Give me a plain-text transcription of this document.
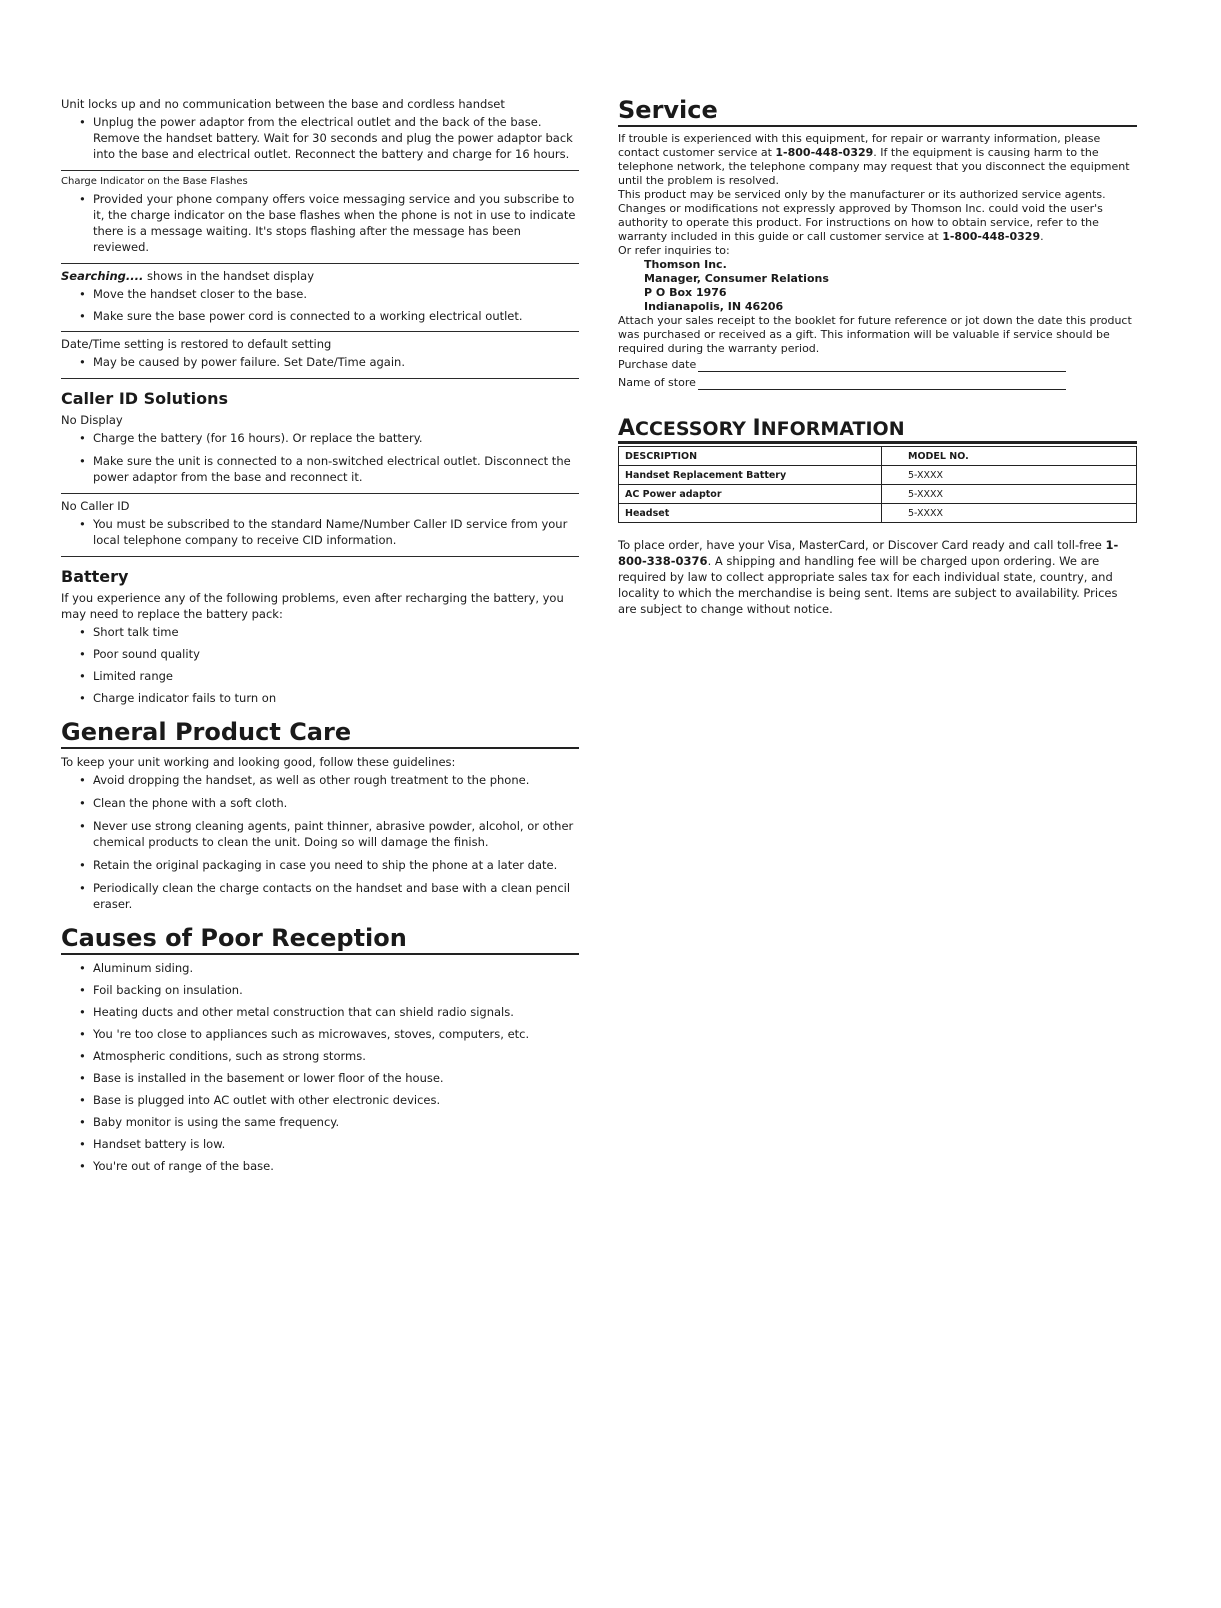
Unit locks up and no communication between the base and cordless handset

• Unplug the power adaptor from the electrical outlet and the back of the base. Remove the handset battery. Wait for 30 seconds and plug the power adaptor back into the base and electrical outlet. Reconnect the battery and charge for 16 hours.

Charge Indicator on the Base Flashes

• Provided your phone company offers voice messaging service and you subscribe to it, the charge indicator on the base flashes when the phone is not in use to indicate there is a message waiting. It's stops flashing after the message has been reviewed.

Searching.... shows in the handset display

• Move the handset closer to the base.
• Make sure the base power cord is connected to a working electrical outlet.

Date/Time setting is restored to default setting

• May be caused by power failure. Set Date/Time again.
Caller ID Solutions

No Display

• Charge the battery (for 16 hours). Or replace the battery.
• Make sure the unit is connected to a non-switched electrical outlet. Disconnect the power adaptor from the base and reconnect it.

No Caller ID

• You must be subscribed to the standard Name/Number Caller ID service from your local telephone company to receive CID information.
Battery

If you experience any of the following problems, even after recharging the battery, you may need to replace the battery pack:

• Short talk time
• Poor sound quality
• Limited range
• Charge indicator fails to turn on
General Product Care

To keep your unit working and looking good, follow these guidelines:

• Avoid dropping the handset, as well as other rough treatment to the phone.
• Clean the phone with a soft cloth.
• Never use strong cleaning agents, paint thinner, abrasive powder, alcohol, or other chemical products to clean the unit. Doing so will damage the finish.
• Retain the original packaging in case you need to ship the phone at a later date.
• Periodically clean the charge contacts on the handset and base with a clean pencil eraser.
Causes of Poor Reception
• Aluminum siding.
• Foil backing on insulation.
• Heating ducts and other metal construction that can shield radio signals.
• You 're too close to appliances such as microwaves, stoves, computers, etc.
• Atmospheric conditions, such as strong storms.
• Base is installed in the basement or lower floor of the house.
• Base is plugged into AC outlet with other electronic devices.
• Baby monitor is using the same frequency.
• Handset battery is low.
• You're out of range of the base.
Service

If trouble is experienced with this equipment, for repair or warranty information, please contact customer service at 1-800-448-0329. If the equipment is causing harm to the telephone network, the telephone company may request that you disconnect the equipment until the problem is resolved.

This product may be serviced only by the manufacturer or its authorized service agents. Changes or modifications not expressly approved by Thomson Inc. could void the user's authority to operate this product. For instructions on how to obtain service, refer to the warranty included in this guide or call customer service at 1-800-448-0329.

Or refer inquiries to:

Thomson Inc.

Manager, Consumer Relations

P O Box 1976

Indianapolis, IN 46206

Attach your sales receipt to the booklet for future reference or jot down the date this product was purchased or received as a gift. This information will be valuable if service should be required during the warranty period.

Purchase date
Name of store
ACCESSORY INFORMATION
DESCRIPTION	MODEL NO.
Handset Replacement Battery	5-XXXX
AC Power adaptor	5-XXXX
Headset	5-XXXX

To place order, have your Visa, MasterCard, or Discover Card ready and call toll-free 1-800-338-0376. A shipping and handling fee will be charged upon ordering. We are required by law to collect appropriate sales tax for each individual state, country, and locality to which the merchandise is being sent. Items are subject to availability. Prices are subject to change without notice.
